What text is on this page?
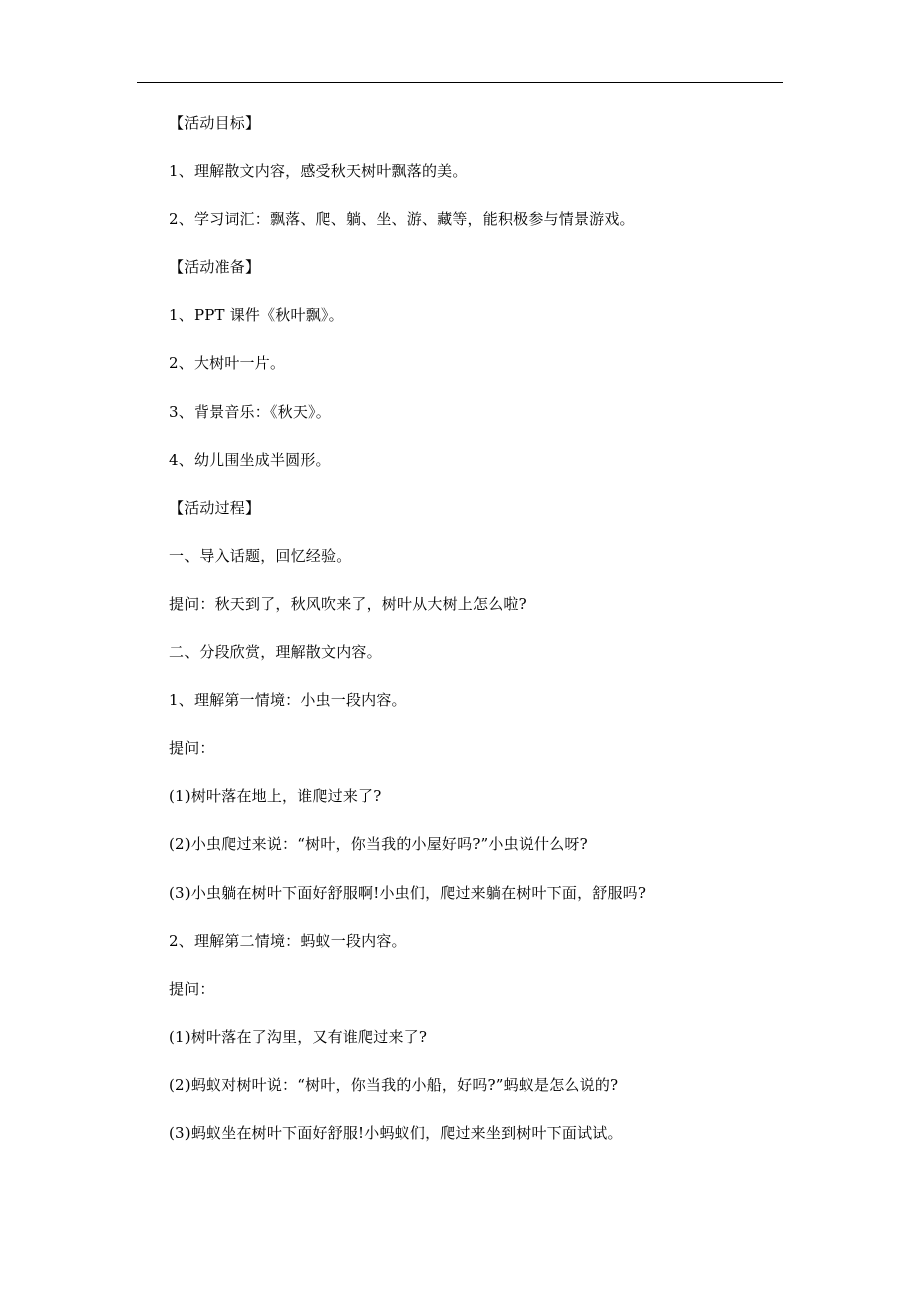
【活动目标】
1、理解散文内容，感受秋天树叶飘落的美。
2、学习词汇：飘落、爬、躺、坐、游、藏等，能积极参与情景游戏。
【活动准备】
1、PPT 课件《秋叶飘》。
2、大树叶一片。
3、背景音乐：《秋天》。
4、幼儿围坐成半圆形。
【活动过程】
一、导入话题，回忆经验。
提问：秋天到了，秋风吹来了，树叶从大树上怎么啦?
二、分段欣赏，理解散文内容。
1、理解第一情境：小虫一段内容。
提问：
(1)树叶落在地上，谁爬过来了?
(2)小虫爬过来说：“树叶，你当我的小屋好吗?”小虫说什么呀?
(3)小虫躺在树叶下面好舒服啊!小虫们，爬过来躺在树叶下面，舒服吗?
2、理解第二情境：蚂蚁一段内容。
提问：
(1)树叶落在了沟里，又有谁爬过来了?
(2)蚂蚁对树叶说：“树叶，你当我的小船，好吗?”蚂蚁是怎么说的?
(3)蚂蚁坐在树叶下面好舒服!小蚂蚁们，爬过来坐到树叶下面试试。
